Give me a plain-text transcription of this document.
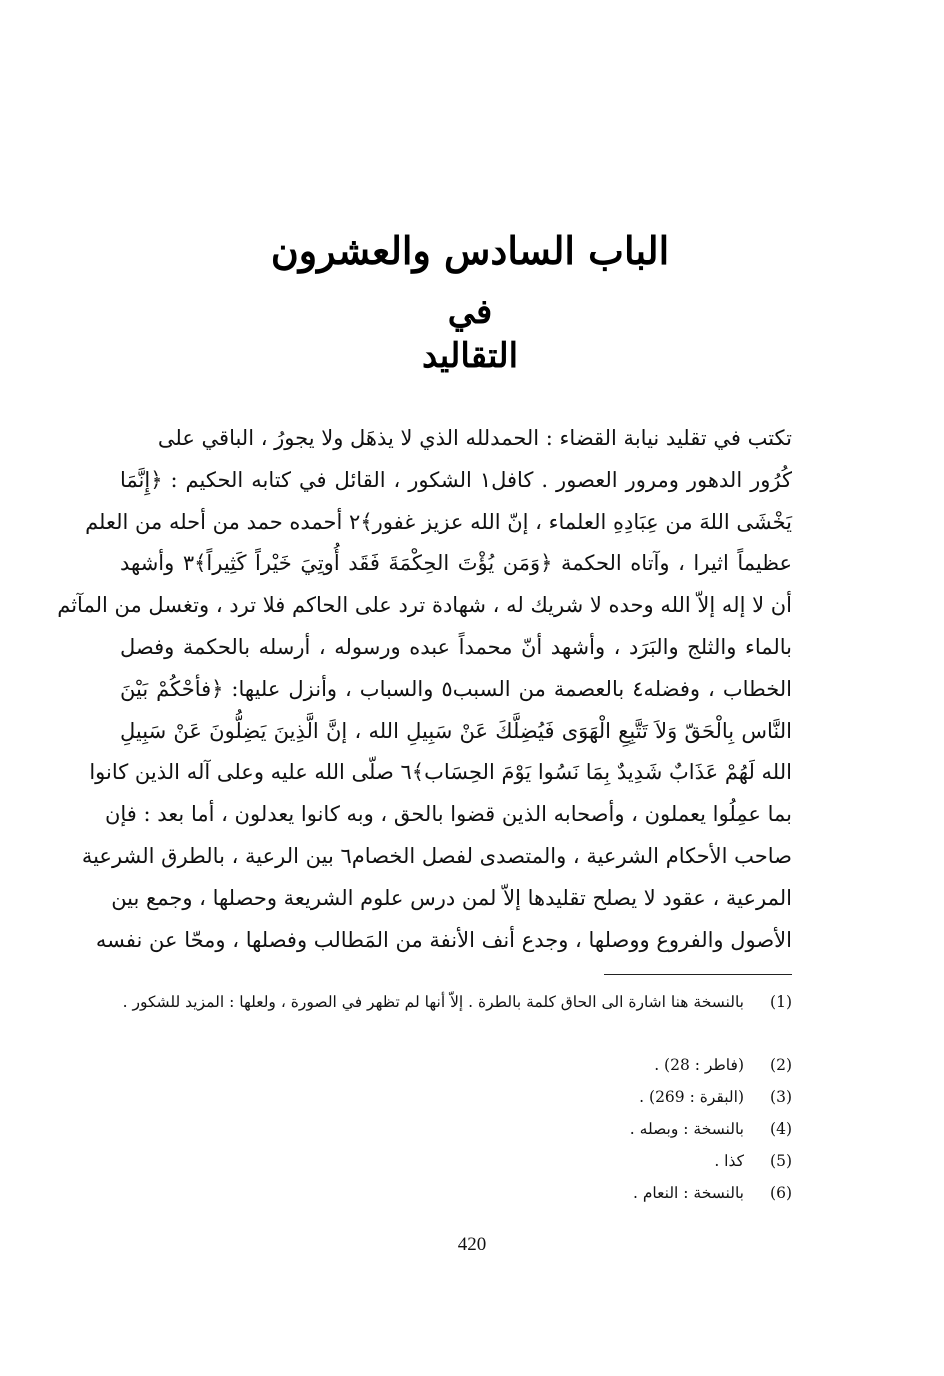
الباب السادس والعشرون
في
التقاليد
تكتب في تقليد نيابة القضاء : الحمدلله الذي لا يذهَل ولا يجورُ ، الباقي على
كُرُور الدهور ومرور العصور . كافل١ الشكور ، القائل في كتابه الحكيم : ﴿إِنَّمَا
يَخْشَى اللهَ من عِبَادِهِ العلماء ، إنّ الله عزيز غفور﴾٢ أحمده حمد من أحله من العلم
عظيماً اثيرا ، وآتاه الحكمة ﴿وَمَن يُؤْتَ الحِكْمَةَ فَقَد أُوتِيَ خَيْراً كَثِيراً﴾٣ وأشهد
أن لا إله إلاّ الله وحده لا شريك له ، شهادة ترد على الحاكم فلا ترد ، وتغسل من المآثم
بالماء والثلج والبَرَد ، وأشهد أنّ محمداً عبده ورسوله ، أرسله بالحكمة وفصل
الخطاب ، وفضله٤ بالعصمة من السبب٥ والسباب ، وأنزل عليها: ﴿فأحْكُمْ بَيْنَ
النَّاس بِالْحَقّ وَلاَ تَتَّبِعِ الْهَوَى فَيُضِلَّكَ عَنْ سَبِيلِ الله ، إنَّ الَّذِينَ يَضِلُّونَ عَنْ سَبِيلِ
الله لَهُمْ عَذَابٌ شَدِيدٌ بِمَا نَسُوا يَوْمَ الحِسَاب﴾٦ صلّى الله عليه وعلى آله الذين كانوا
بما عمِلُوا يعملون ، وأصحابه الذين قضوا بالحق ، وبه كانوا يعدلون ، أما بعد : فإن
صاحب الأحكام الشرعية ، والمتصدى لفصل الخصام٦ بين الرعية ، بالطرق الشرعية
المرعية ، عقود لا يصلح تقليدها إلاّ لمن درس علوم الشريعة وحصلها ، وجمع بين
الأصول والفروع ووصلها ، وجدع أنف الأنفة من المَطالب وفصلها ، ومحّا عن نفسه
(1)
بالنسخة هنا اشارة الى الحاق كلمة بالطرة . إلاّ أنها لم تظهر في الصورة ، ولعلها : المزيد للشكور .
(2)
(فاطر : 28) .
(3)
(البقرة : 269) .
(4)
بالنسخة : وبصله .
(5)
كذا .
(6)
بالنسخة : النعام .
420
